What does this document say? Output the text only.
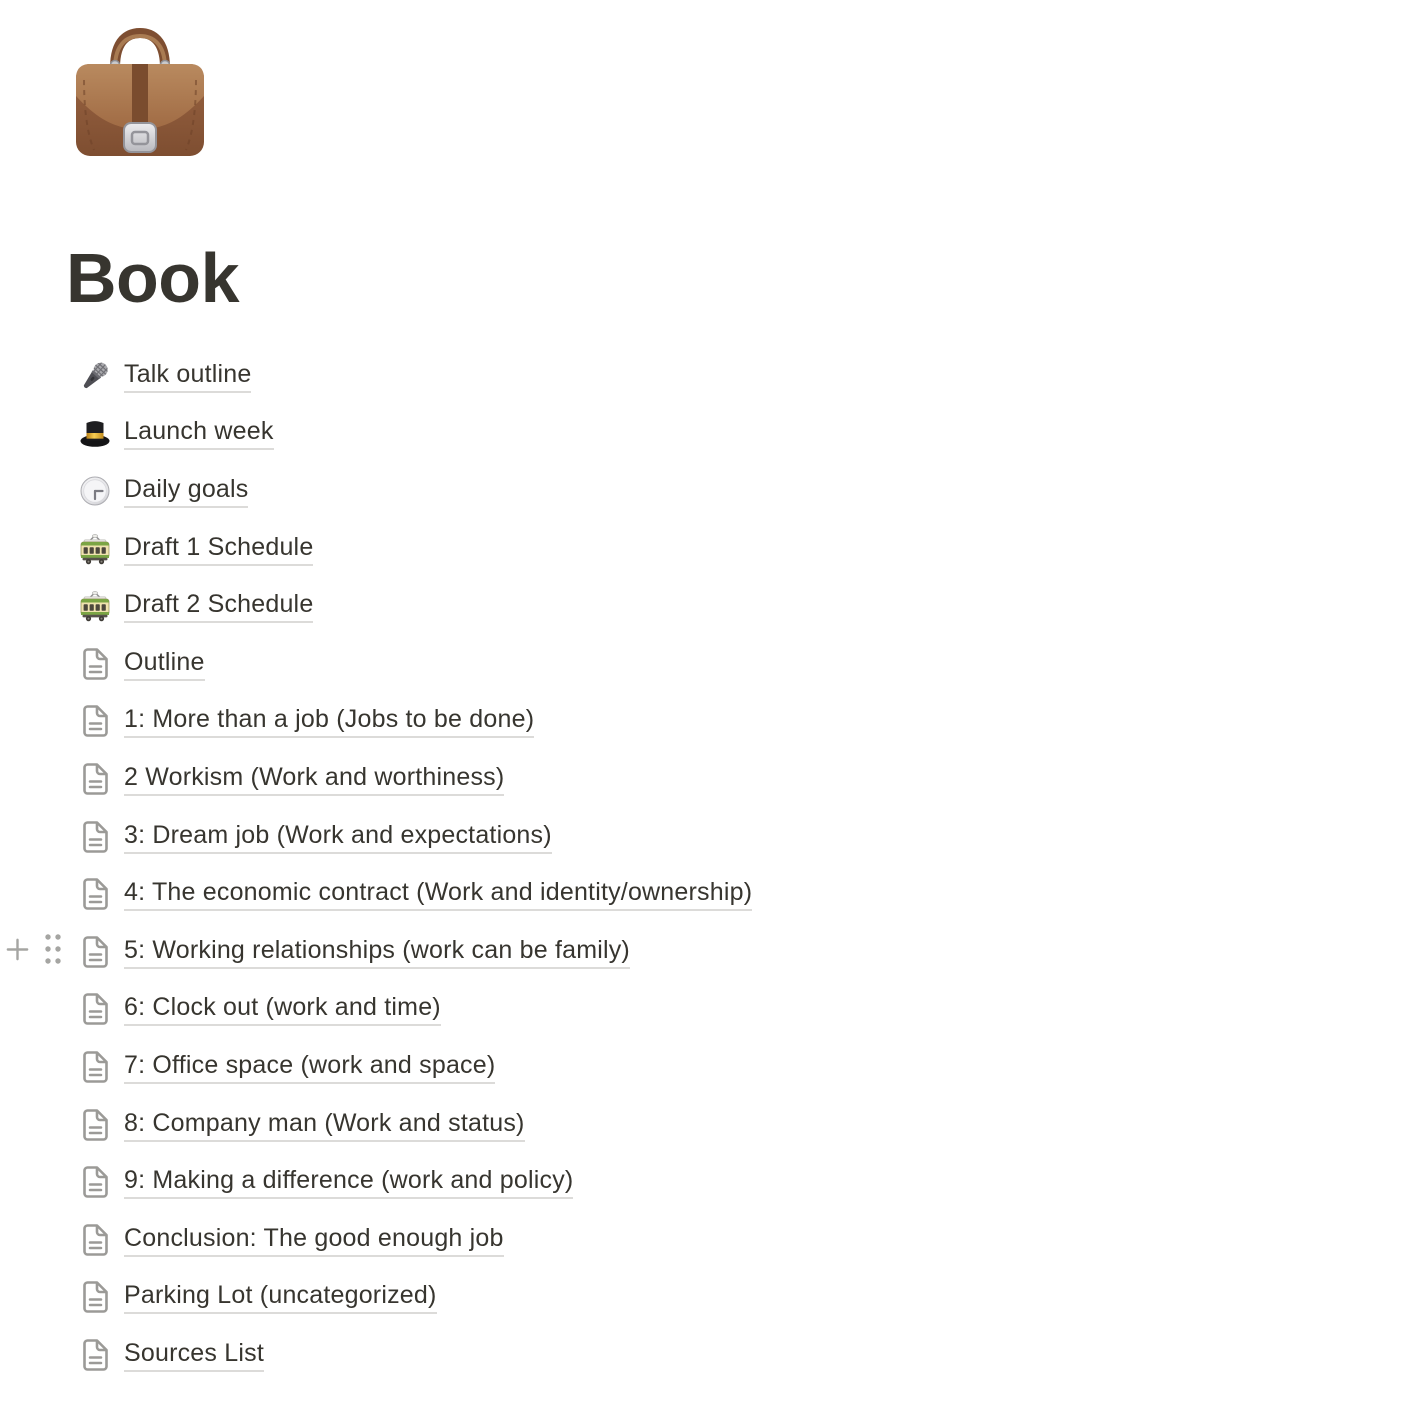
Book
Talk outline
Launch week
Daily goals
Draft 1 Schedule
Draft 2 Schedule
Outline
1: More than a job (Jobs to be done)
2 Workism (Work and worthiness)
3: Dream job (Work and expectations)
4: The economic contract (Work and identity/ownership)
5: Working relationships (work can be family)
6: Clock out (work and time)
7: Office space (work and space)
8: Company man (Work and status)
9: Making a difference (work and policy)
Conclusion: The good enough job
Parking Lot (uncategorized)
Sources List
